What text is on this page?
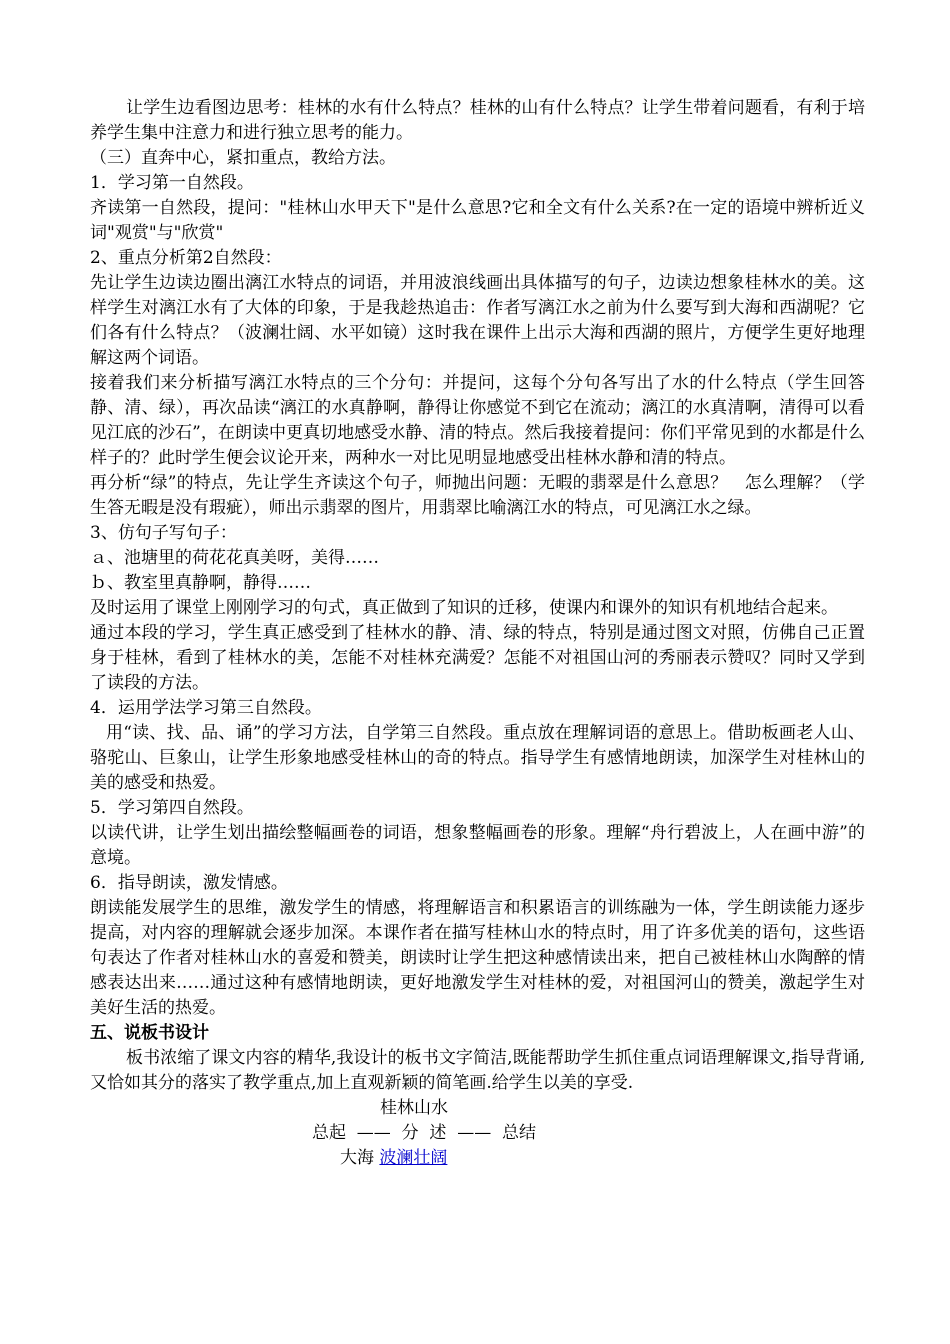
让学生边看图边思考：桂林的水有什么特点？桂林的山有什么特点？让学生带着问题看，有利于培养学生集中注意力和进行独立思考的能力。

（三）直奔中心，紧扣重点，教给方法。

1．学习第一自然段。

齐读第一自然段，提问："桂林山水甲天下"是什么意思?它和全文有什么关系?在一定的语境中辨析近义词"观赏"与"欣赏"

2、重点分析第2自然段：

先让学生边读边圈出漓江水特点的词语，并用波浪线画出具体描写的句子，边读边想象桂林水的美。这样学生对漓江水有了大体的印象，于是我趁热追击：作者写漓江水之前为什么要写到大海和西湖呢？它们各有什么特点？（波澜壮阔、水平如镜）这时我在课件上出示大海和西湖的照片，方便学生更好地理解这两个词语。

接着我们来分析描写漓江水特点的三个分句：并提问，这每个分句各写出了水的什么特点（学生回答静、清、绿），再次品读“漓江的水真静啊，静得让你感觉不到它在流动；漓江的水真清啊，清得可以看见江底的沙石”，在朗读中更真切地感受水静、清的特点。然后我接着提问：你们平常见到的水都是什么样子的？此时学生便会议论开来，两种水一对比见明显地感受出桂林水静和清的特点。

再分析“绿”的特点，先让学生齐读这个句子，师抛出问题：无暇的翡翠是什么意思？　怎么理解？（学生答无暇是没有瑕疵），师出示翡翠的图片，用翡翠比喻漓江水的特点，可见漓江水之绿。

3、仿句子写句子：

ａ、池塘里的荷花花真美呀，美得……

ｂ、教室里真静啊，静得……

及时运用了课堂上刚刚学习的句式，真正做到了知识的迁移，使课内和课外的知识有机地结合起来。

通过本段的学习，学生真正感受到了桂林水的静、清、绿的特点，特别是通过图文对照，仿佛自己正置身于桂林，看到了桂林水的美，怎能不对桂林充满爱？怎能不对祖国山河的秀丽表示赞叹？同时又学到了读段的方法。

4．运用学法学习第三自然段。

用“读、找、品、诵”的学习方法，自学第三自然段。重点放在理解词语的意思上。借助板画老人山、骆驼山、巨象山，让学生形象地感受桂林山的奇的特点。指导学生有感情地朗读，加深学生对桂林山的美的感受和热爱。

5．学习第四自然段。

以读代讲，让学生划出描绘整幅画卷的词语，想象整幅画卷的形象。理解“舟行碧波上，人在画中游”的意境。

6．指导朗读，激发情感。

朗读能发展学生的思维，激发学生的情感，将理解语言和积累语言的训练融为一体，学生朗读能力逐步提高，对内容的理解就会逐步加深。本课作者在描写桂林山水的特点时，用了许多优美的语句，这些语句表达了作者对桂林山水的喜爱和赞美，朗读时让学生把这种感情读出来，把自己被桂林山水陶醉的情感表达出来……通过这种有感情地朗读，更好地激发学生对桂林的爱，对祖国河山的赞美，激起学生对美好生活的热爱。

五、说板书设计

板书浓缩了课文内容的精华,我设计的板书文字简洁,既能帮助学生抓住重点词语理解课文,指导背诵,又恰如其分的落实了教学重点,加上直观新颖的简笔画.给学生以美的享受.

桂林山水
总起  ——  分  述  ——  总结
大海 波澜壮阔
